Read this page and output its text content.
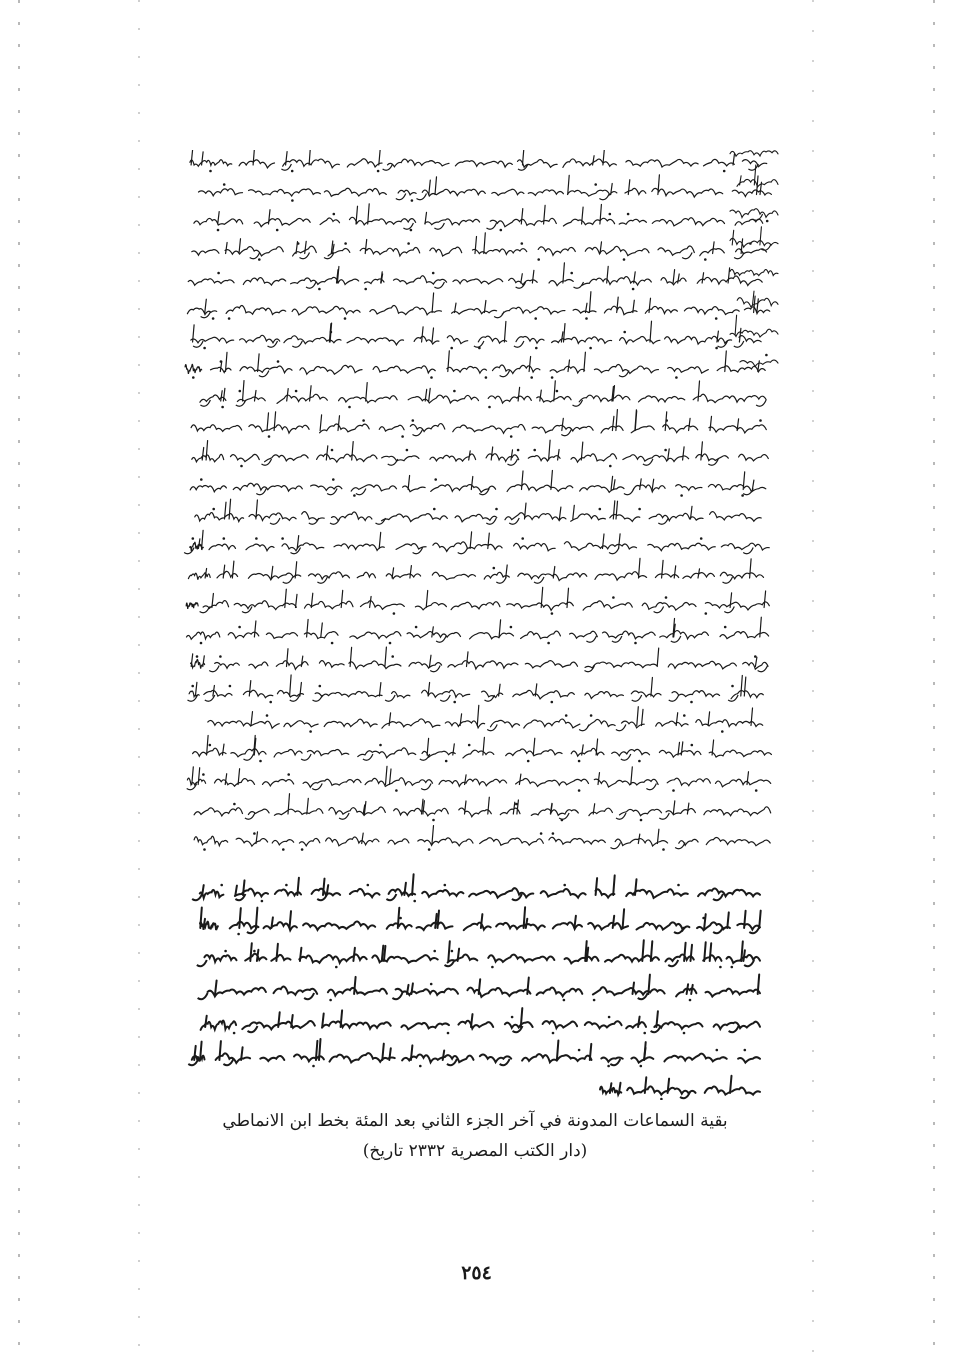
بقية السماعات المدونة في آخر الجزء الثاني بعد المئة بخط ابن الانماطي
(دار الكتب المصرية ٢٣٣٢ تاريخ)
٢٥٤
